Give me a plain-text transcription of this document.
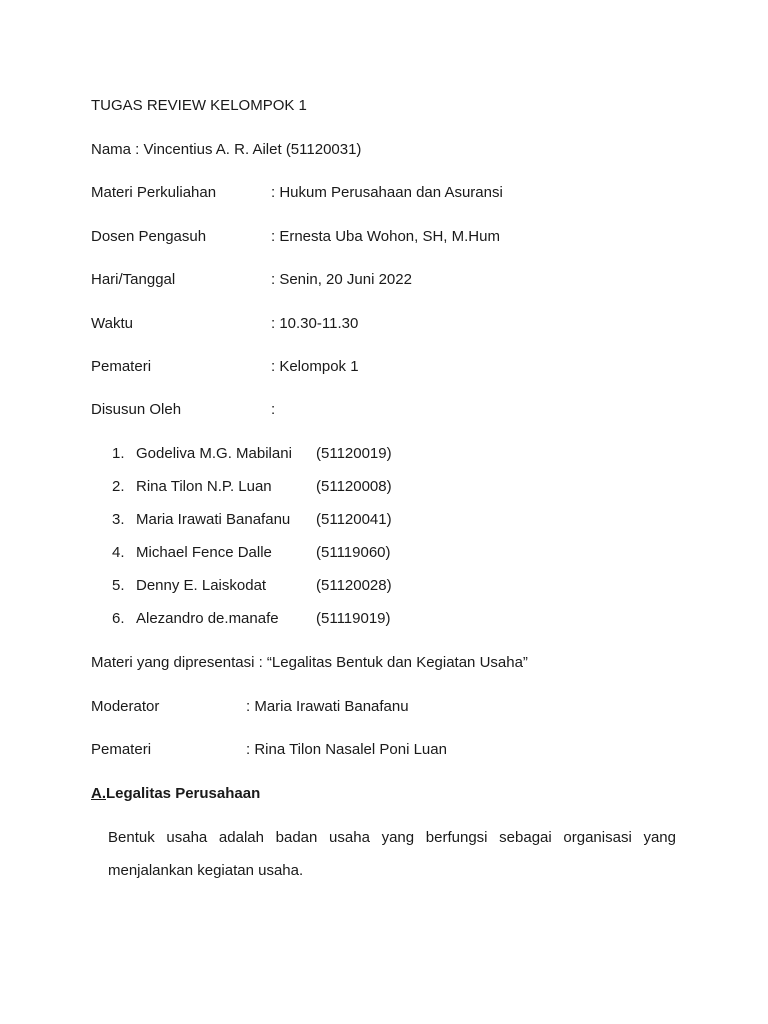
TUGAS REVIEW KELOMPOK 1
Nama : Vincentius A. R. Ailet (51120031)
Materi Perkuliahan	: Hukum Perusahaan dan Asuransi
Dosen Pengasuh	: Ernesta Uba Wohon, SH, M.Hum
Hari/Tanggal	: Senin, 20 Juni 2022
Waktu	: 10.30-11.30
Pemateri	: Kelompok 1
Disusun Oleh	:
1. Godeliva M.G. Mabilani (51120019)
2. Rina Tilon N.P. Luan	(51120008)
3. Maria Irawati Banafanu (51120041)
4. Michael Fence Dalle	(51119060)
5. Denny E. Laiskodat	(51120028)
6. Alezandro de.manafe (51119019)
Materi yang dipresentasi : “Legalitas Bentuk dan Kegiatan Usaha”
Moderator	: Maria Irawati Banafanu
Pemateri	: Rina Tilon Nasalel Poni Luan
A.Legalitas Perusahaan
Bentuk usaha adalah badan usaha yang berfungsi sebagai organisasi yang menjalankan kegiatan usaha.
